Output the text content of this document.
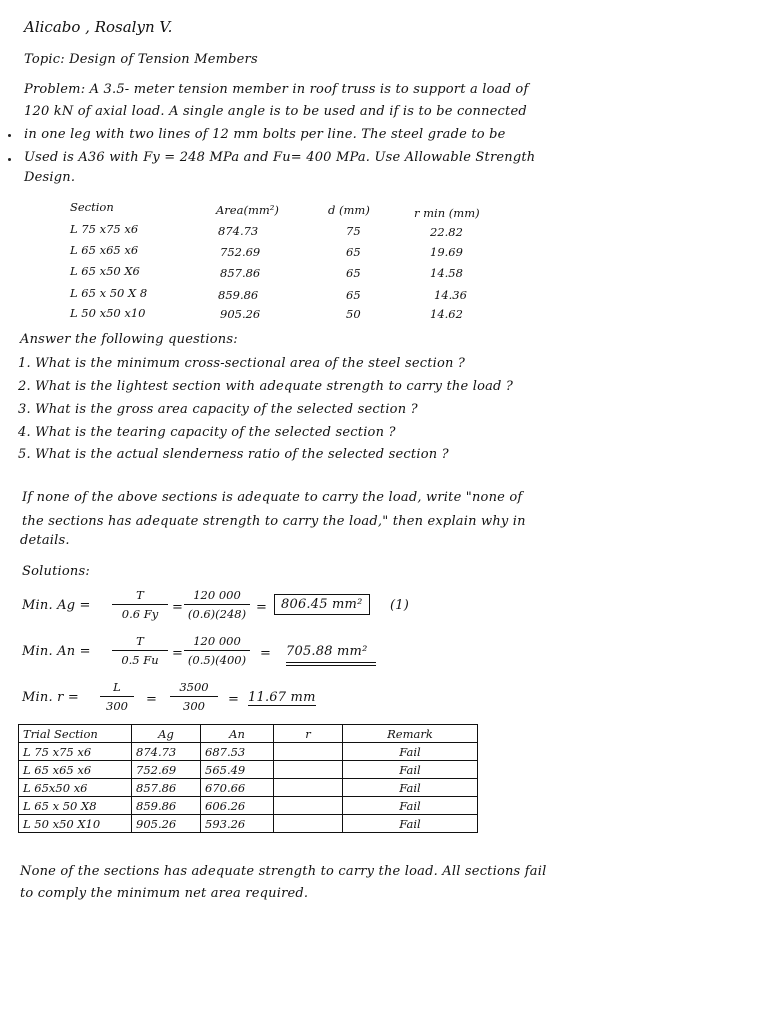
Alicabo , Rosalyn V.
Topic: Design of Tension Members
Problem: A 3.5- meter tension member in roof truss is to support a load of
120 kN of axial load. A single angle is to be used and if is to be connected
in one leg with two lines of 12 mm bolts per line. The steel grade to be
Used is A36 with Fy = 248 MPa and Fu= 400 MPa. Use Allowable Strength
Design.
Section	Area(mm²)	d (mm)	r min (mm)
L 75 x75 x6	874.73	75	22.82
L 65 x65 x6	752.69	65	19.69
L 65 x50 X6	857.86	65	14.58
L 65 x 50 X 8	859.86	65	14.36
L 50 x50 x10	905.26	50	14.62
Answer the following questions:
1. What is the minimum cross-sectional area of the steel section ?
2. What is the lightest section with adequate strength to carry the load ?
3. What is the gross area capacity of the selected section ?
4. What is the tearing capacity of the selected section ?
5. What is the actual slenderness ratio of the selected section ?
If none of the above sections is adequate to carry the load, write "none of
the sections has adequate strength to carry the load," then explain why in
details.
Solutions:
Min. Ag =
T
0.6 Fy	=
120 000
(0.6)(248) =	806.45 mm²	(1)
Min. An =
T
0.5 Fu	=
120 000
(0.5)(400)	= 705.88 mm²
Min. r =
L
300	=
3500
300	= 11.67 mm
Trial Section	Ag	An	r	Remark
L 75 x75 x6	874.73	687.53		Fail
L 65 x65 x6	752.69	565.49		Fail
L 65x50 x6	857.86	670.66		Fail
L 65 x 50 X8	859.86	606.26		Fail
L 50 x50 X10	905.26	593.26		Fail
None of the sections has adequate strength to carry the load. All sections fail
to comply the minimum net area required.
